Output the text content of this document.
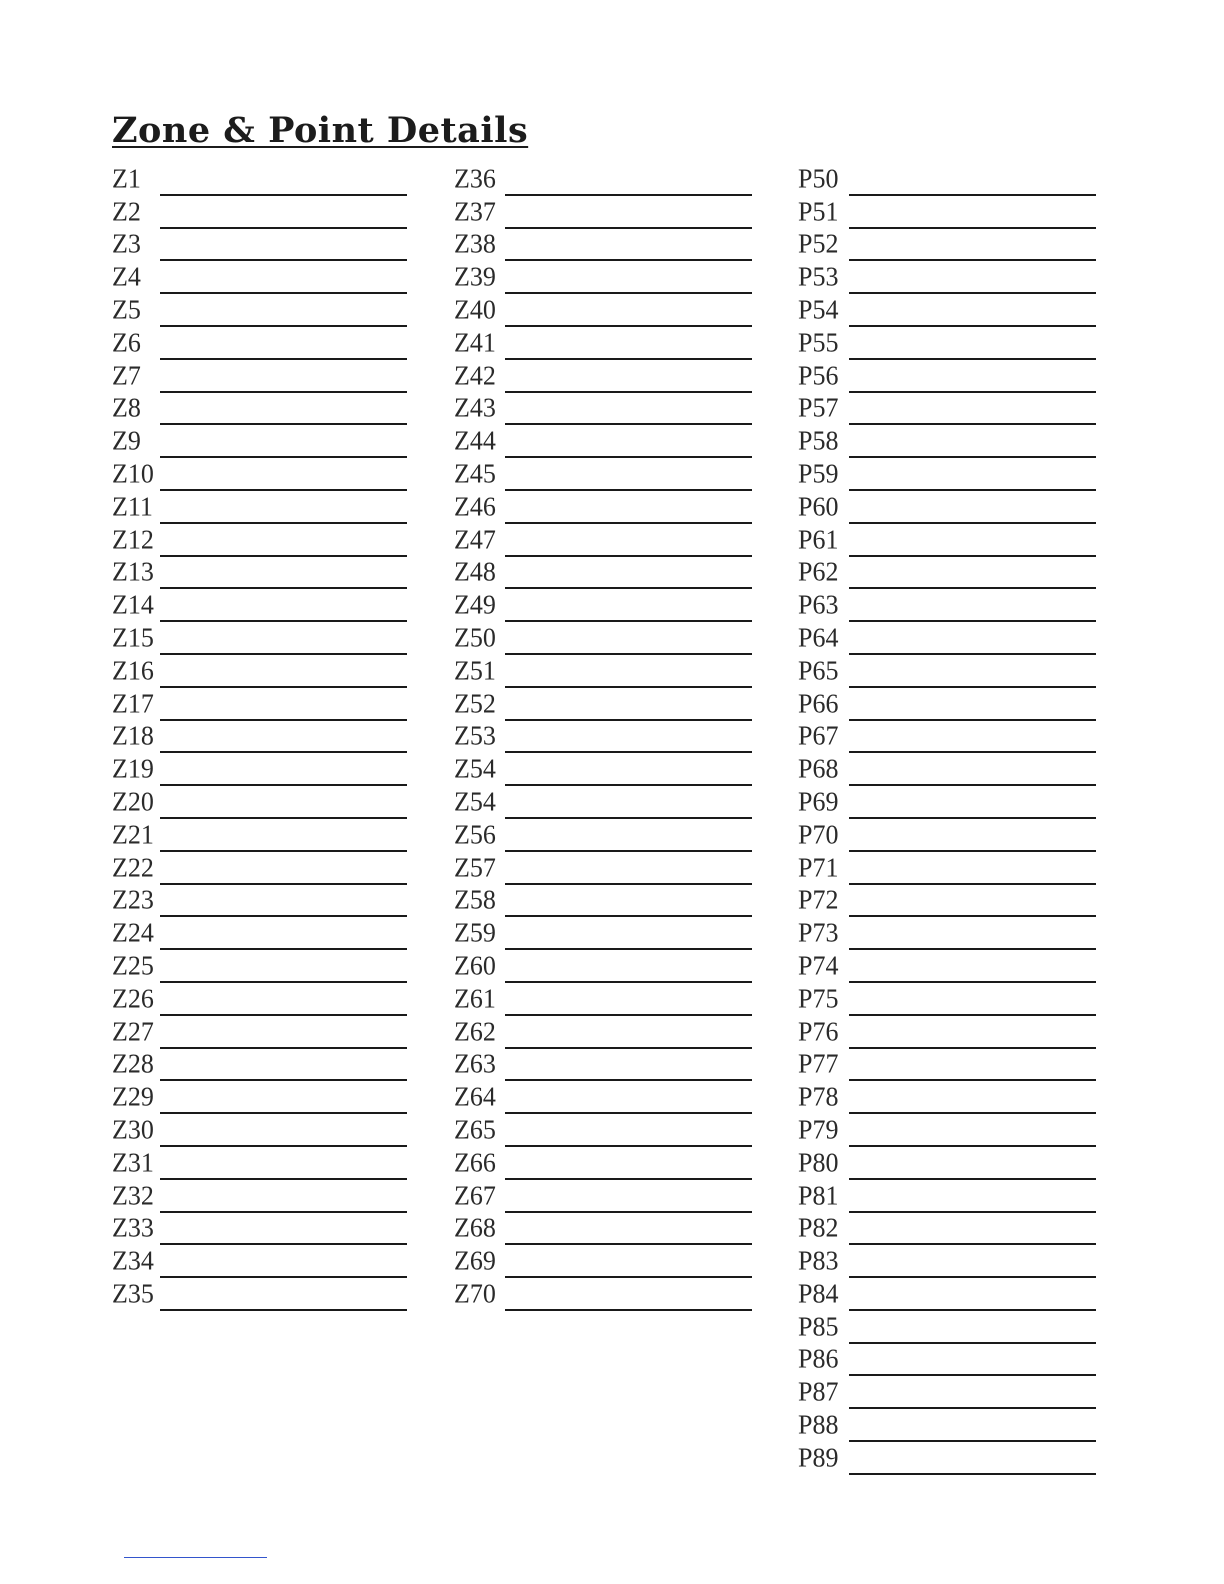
Zone & Point Details
Z1
Z2
Z3
Z4
Z5
Z6
Z7
Z8
Z9
Z10
Z11
Z12
Z13
Z14
Z15
Z16
Z17
Z18
Z19
Z20
Z21
Z22
Z23
Z24
Z25
Z26
Z27
Z28
Z29
Z30
Z31
Z32
Z33
Z34
Z35
Z36
Z37
Z38
Z39
Z40
Z41
Z42
Z43
Z44
Z45
Z46
Z47
Z48
Z49
Z50
Z51
Z52
Z53
Z54
Z54
Z56
Z57
Z58
Z59
Z60
Z61
Z62
Z63
Z64
Z65
Z66
Z67
Z68
Z69
Z70
P50
P51
P52
P53
P54
P55
P56
P57
P58
P59
P60
P61
P62
P63
P64
P65
P66
P67
P68
P69
P70
P71
P72
P73
P74
P75
P76
P77
P78
P79
P80
P81
P82
P83
P84
P85
P86
P87
P88
P89
